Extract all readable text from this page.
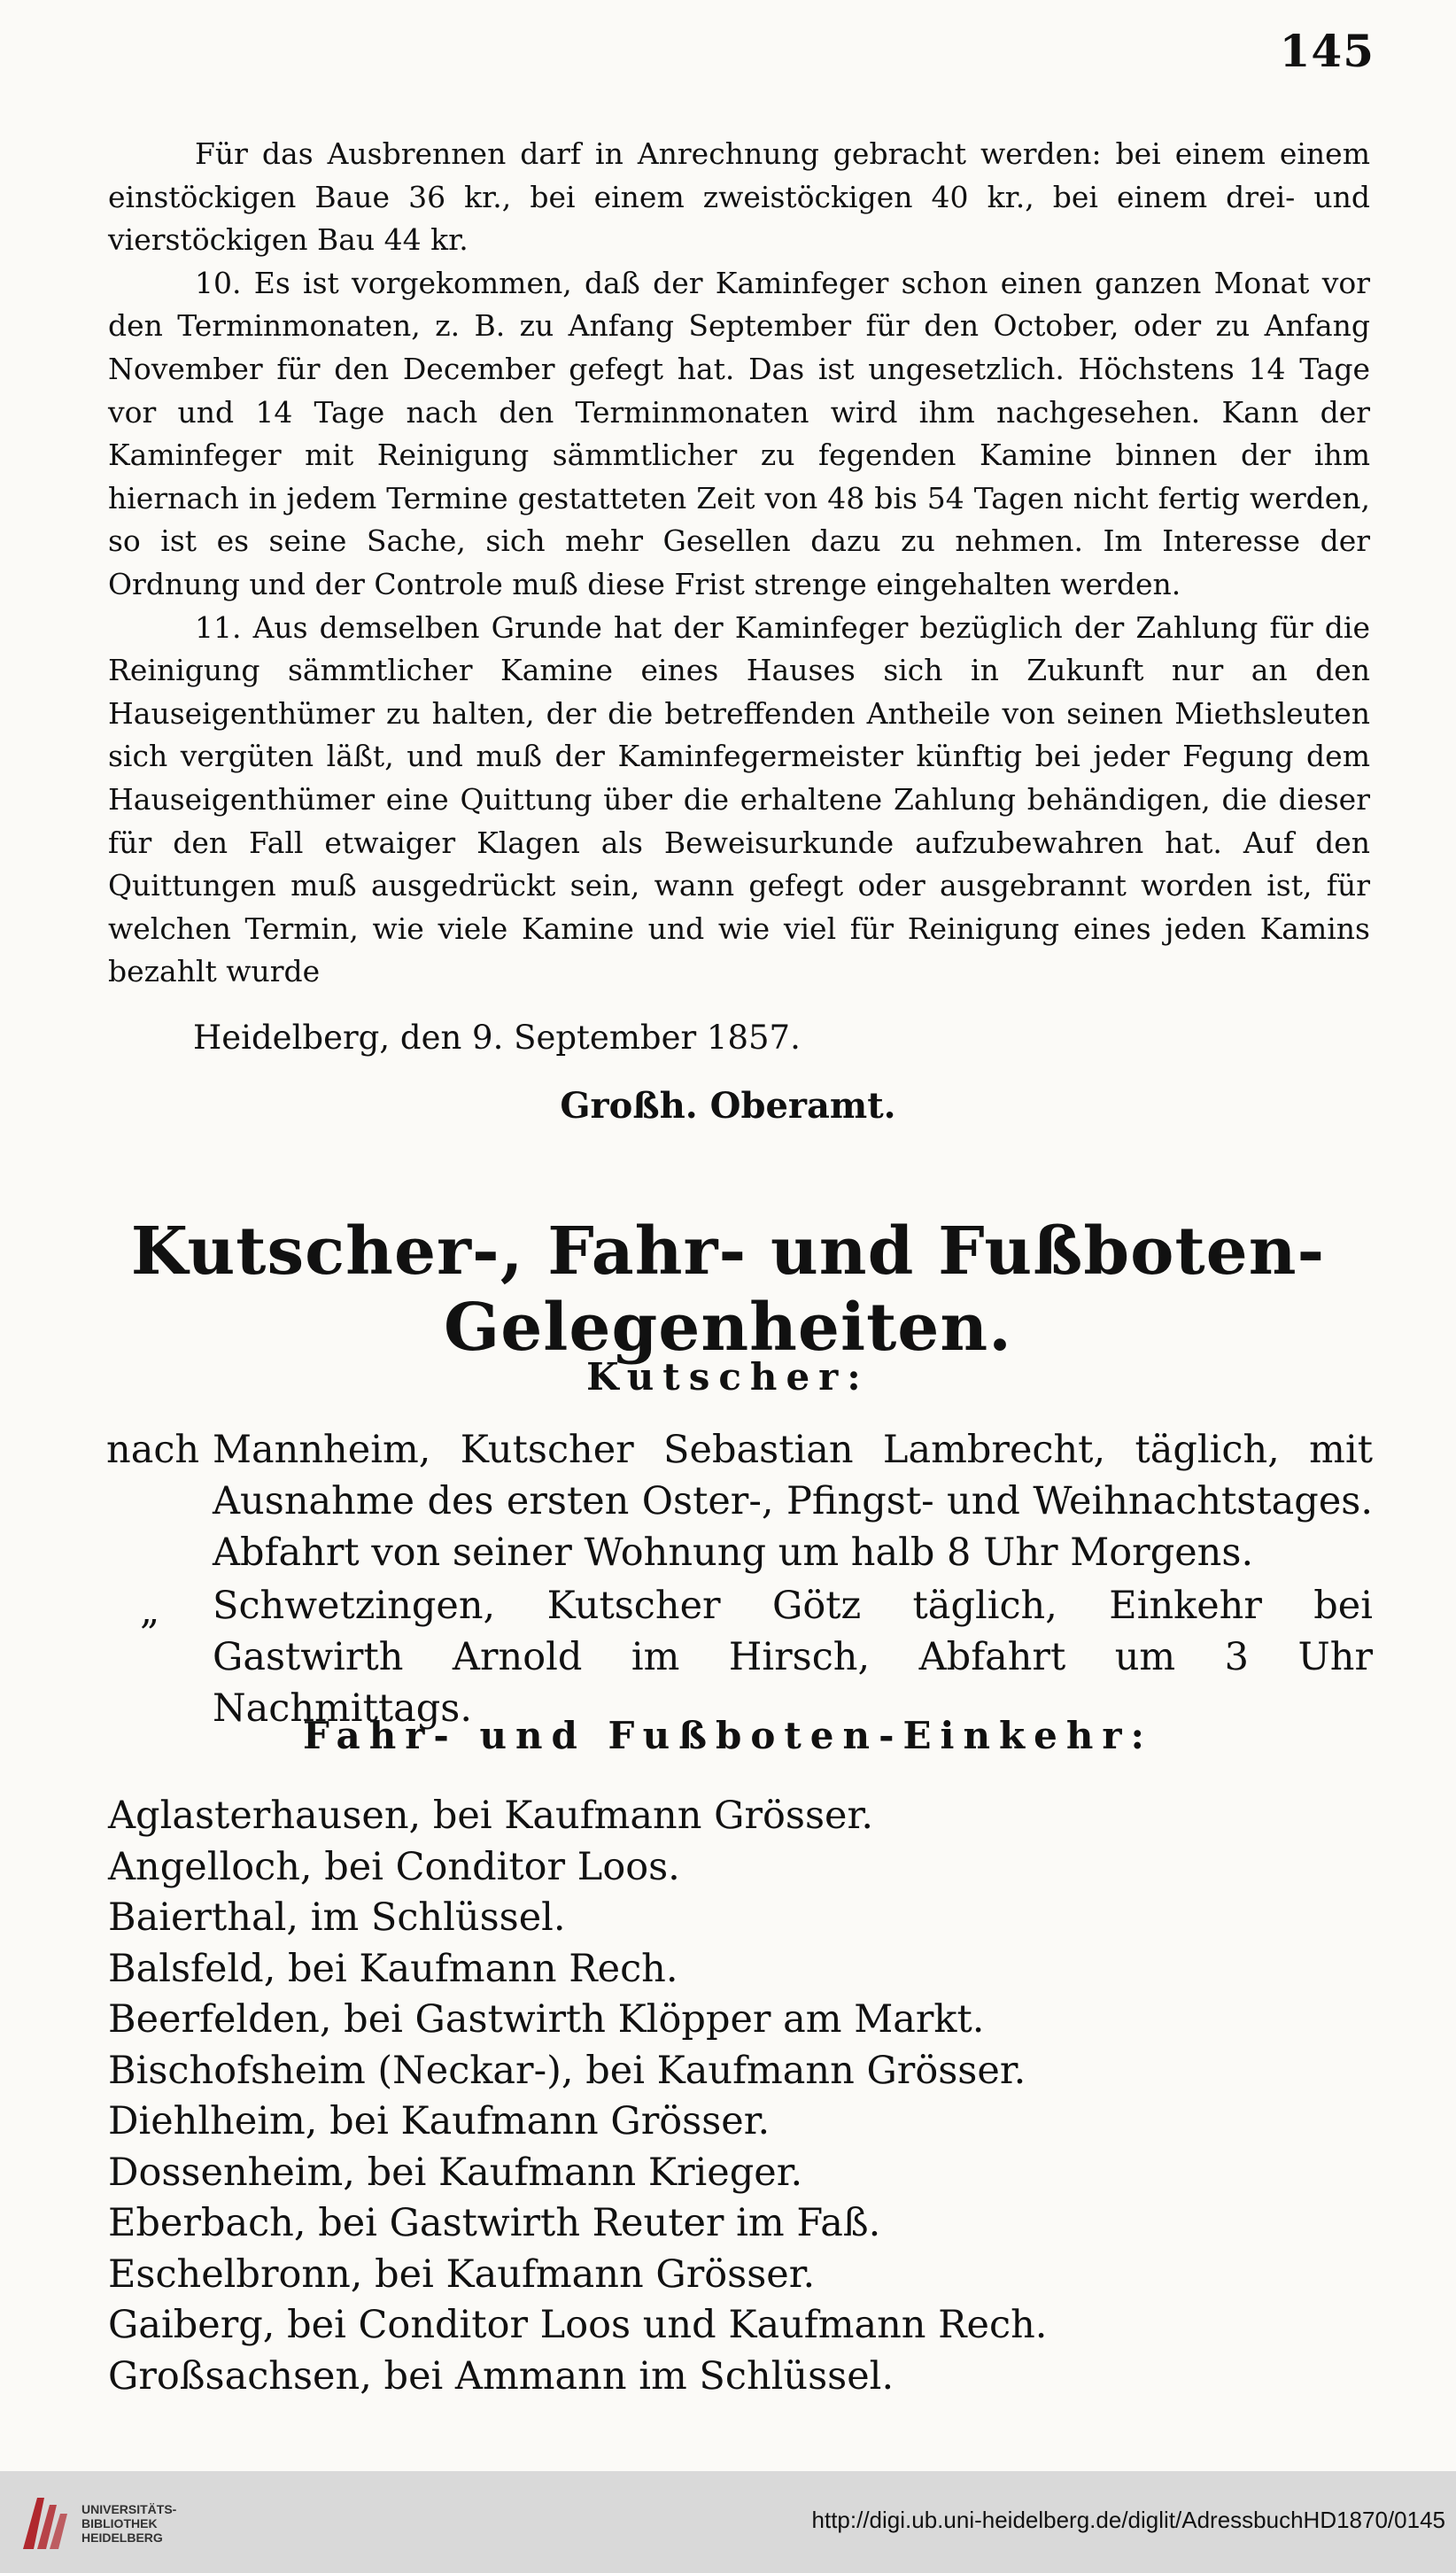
145

Für das Ausbrennen darf in Anrechnung gebracht werden: bei einem einem einstöckigen Baue 36 kr., bei einem zweistöckigen 40 kr., bei einem drei- und vierstöckigen Bau 44 kr.

10. Es ist vorgekommen, daß der Kaminfeger schon einen ganzen Monat vor den Terminmonaten, z. B. zu Anfang September für den October, oder zu Anfang November für den December gefegt hat. Das ist ungesetzlich. Höchstens 14 Tage vor und 14 Tage nach den Terminmonaten wird ihm nachgesehen. Kann der Kaminfeger mit Reinigung sämmtlicher zu fegenden Kamine binnen der ihm hiernach in jedem Termine gestatteten Zeit von 48 bis 54 Tagen nicht fertig werden, so ist es seine Sache, sich mehr Gesellen dazu zu nehmen. Im Interesse der Ordnung und der Controle muß diese Frist strenge eingehalten werden.

11. Aus demselben Grunde hat der Kaminfeger bezüglich der Zahlung für die Reinigung sämmtlicher Kamine eines Hauses sich in Zukunft nur an den Hauseigenthümer zu halten, der die betreffenden Antheile von seinen Miethsleuten sich vergüten läßt, und muß der Kaminfegermeister künftig bei jeder Fegung dem Hauseigenthümer eine Quittung über die erhaltene Zahlung behändigen, die dieser für den Fall etwaiger Klagen als Beweisurkunde aufzubewahren hat. Auf den Quittungen muß ausgedrückt sein, wann gefegt oder ausgebrannt worden ist, für welchen Termin, wie viele Kamine und wie viel für Reinigung eines jeden Kamins bezahlt wurde

Heidelberg, den 9. September 1857.
Großh. Oberamt.
Kutscher-, Fahr- und Fußboten-Gelegenheiten.
Kutscher:
nach Mannheim, Kutscher Sebastian Lambrecht, täglich, mit Ausnahme des ersten Oster-, Pfingst- und Weihnachtstages. Abfahrt von seiner Wohnung um halb 8 Uhr Morgens.
„ Schwetzingen, Kutscher Götz täglich, Einkehr bei Gastwirth Arnold im Hirsch, Abfahrt um 3 Uhr Nachmittags.
Fahr- und Fußboten-Einkehr:
Aglasterhausen, bei Kaufmann Grösser.
Angelloch, bei Conditor Loos.
Baierthal, im Schlüssel.
Balsfeld, bei Kaufmann Rech.
Beerfelden, bei Gastwirth Klöpper am Markt.
Bischofsheim (Neckar-), bei Kaufmann Grösser.
Diehlheim, bei Kaufmann Grösser.
Dossenheim, bei Kaufmann Krieger.
Eberbach, bei Gastwirth Reuter im Faß.
Eschelbronn, bei Kaufmann Grösser.
Gaiberg, bei Conditor Loos und Kaufmann Rech.
Großsachsen, bei Ammann im Schlüssel.
UNIVERSITÄTS-
BIBLIOTHEK
HEIDELBERG
http://digi.ub.uni-heidelberg.de/diglit/AdressbuchHD1870/0145
